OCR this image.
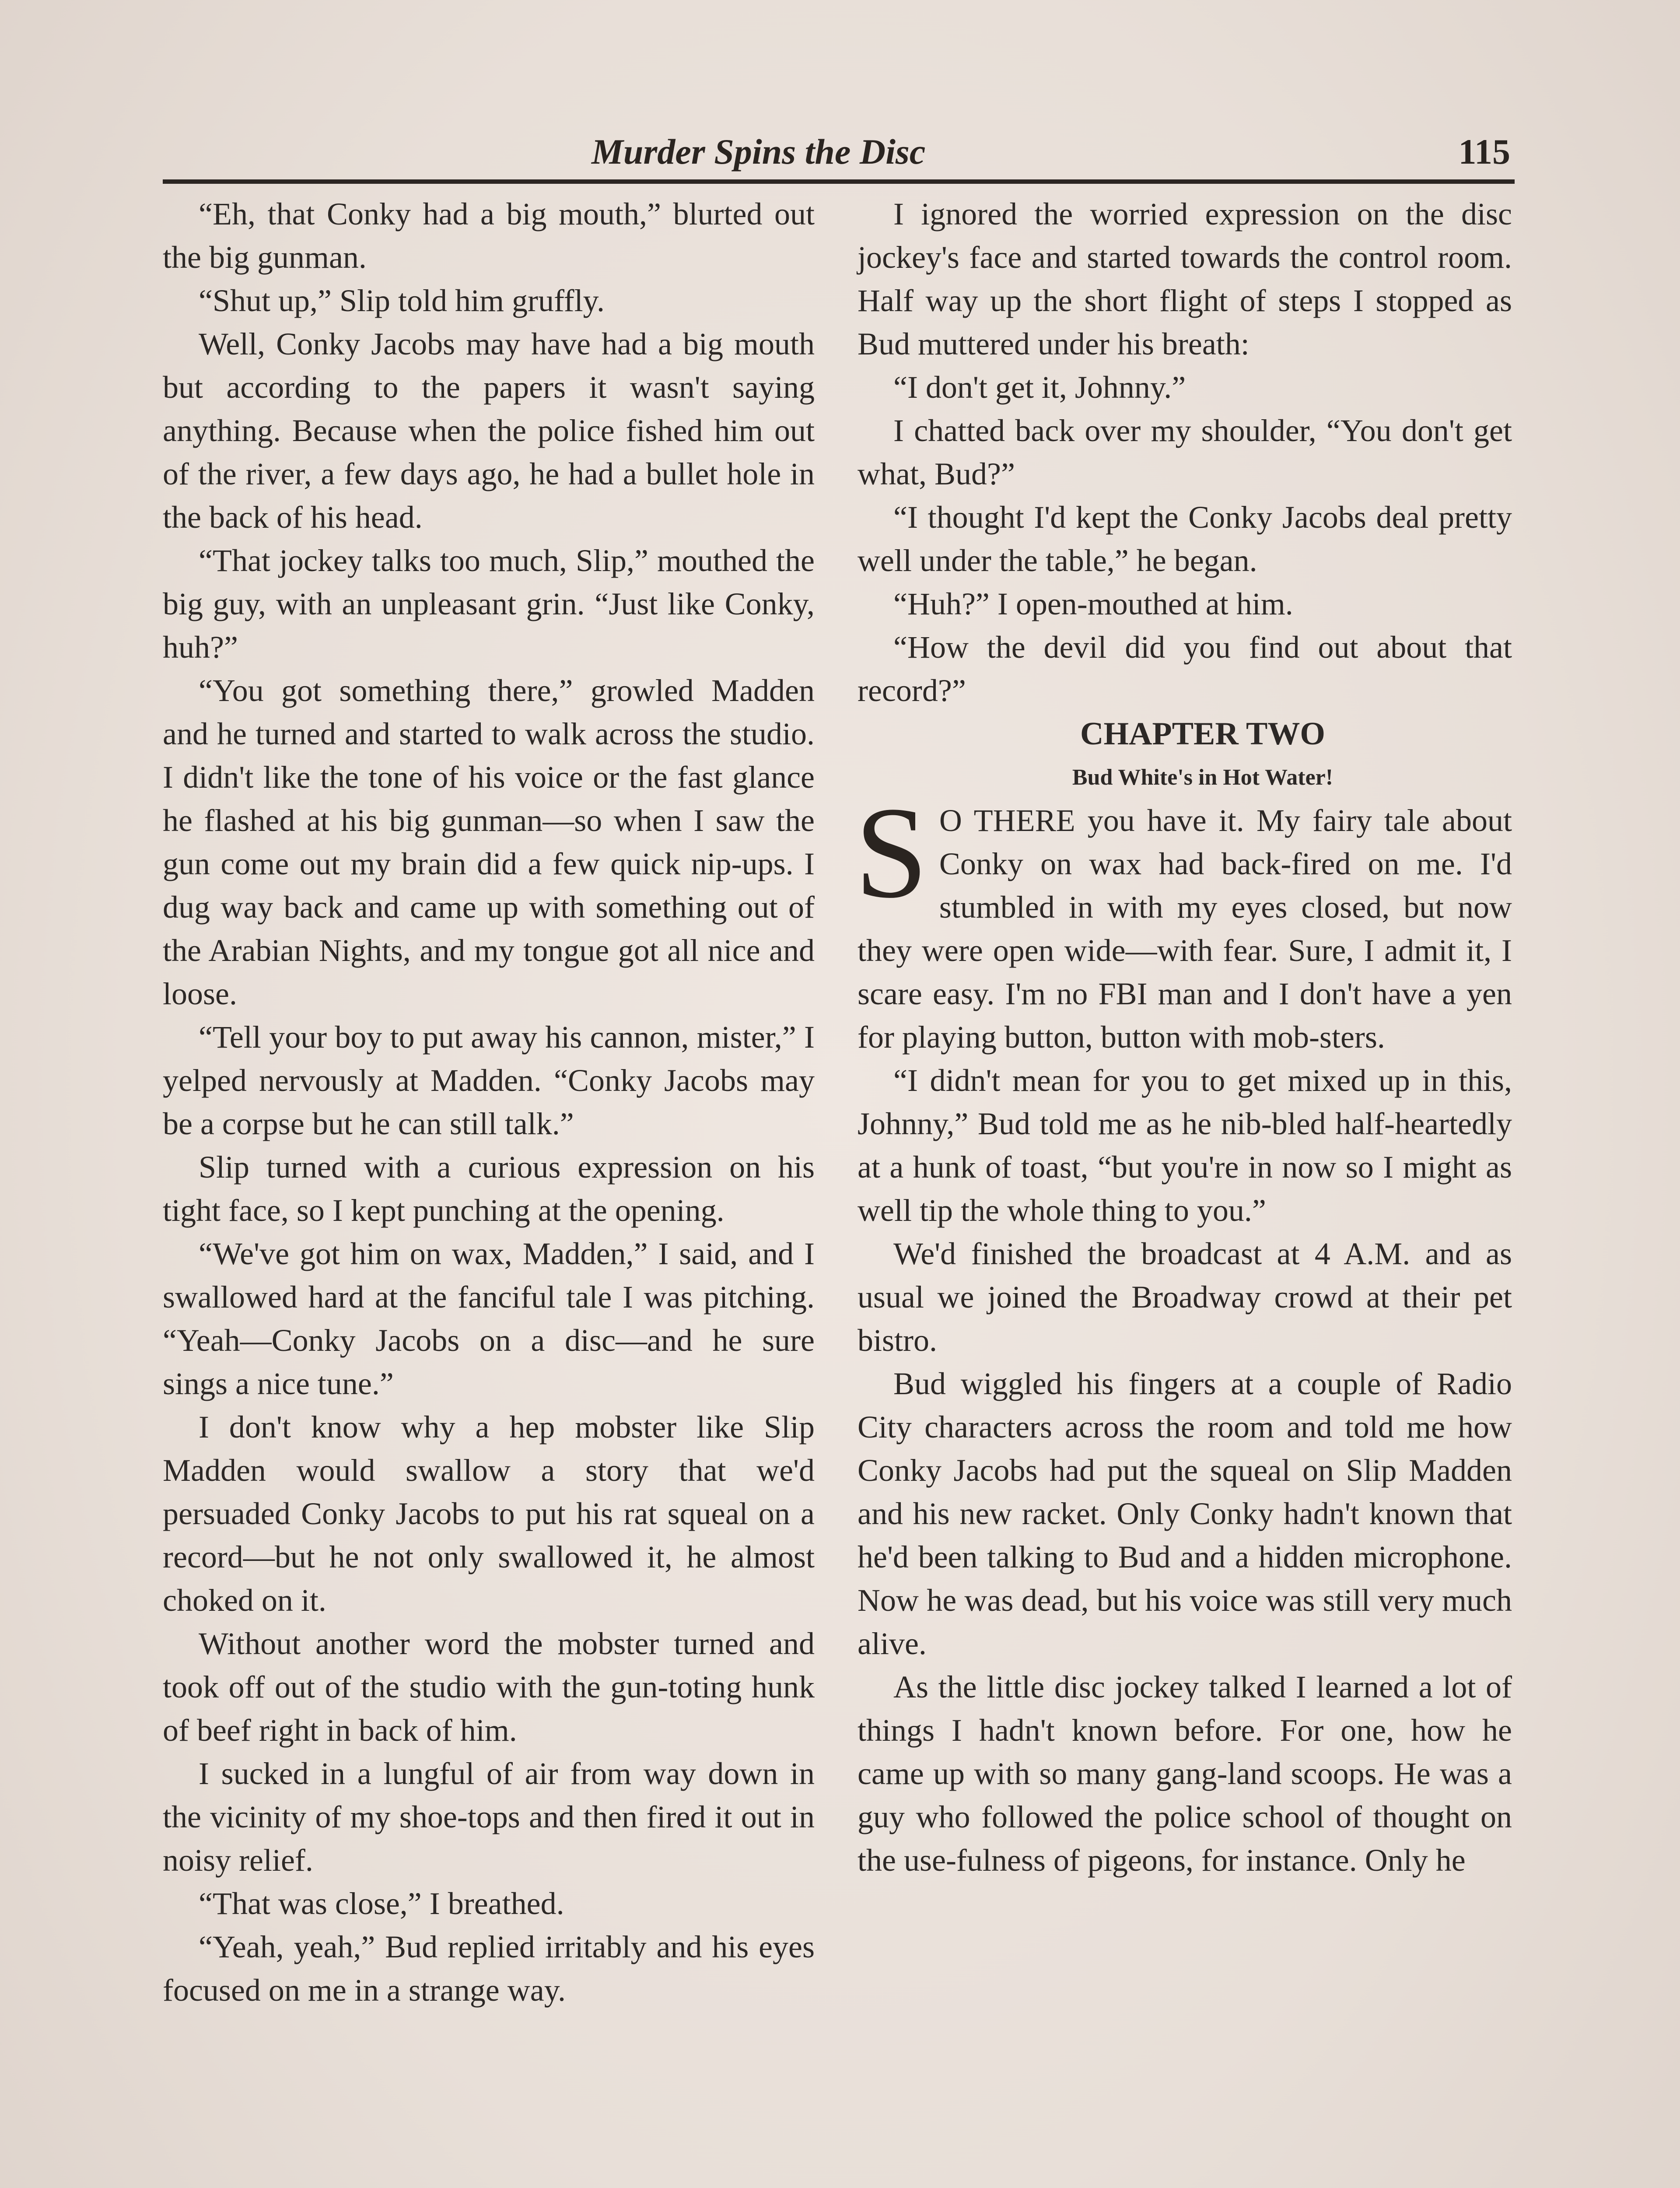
Murder Spins the Disc	115

“Eh, that Conky had a big mouth,” blurted out the big gunman.

“Shut up,” Slip told him gruffly.

Well, Conky Jacobs may have had a big mouth but according to the papers it wasn't saying anything. Because when the police fished him out of the river, a few days ago, he had a bullet hole in the back of his head.

“That jockey talks too much, Slip,” mouthed the big guy, with an unpleasant grin. “Just like Conky, huh?”

“You got something there,” growled Madden and he turned and started to walk across the studio. I didn't like the tone of his voice or the fast glance he flashed at his big gunman—so when I saw the gun come out my brain did a few quick nip-ups. I dug way back and came up with something out of the Arabian Nights, and my tongue got all nice and loose.

“Tell your boy to put away his cannon, mister,” I yelped nervously at Madden. “Conky Jacobs may be a corpse but he can still talk.”

Slip turned with a curious expression on his tight face, so I kept punching at the opening.

“We've got him on wax, Madden,” I said, and I swallowed hard at the fanciful tale I was pitching. “Yeah—Conky Jacobs on a disc—and he sure sings a nice tune.”

I don't know why a hep mobster like Slip Madden would swallow a story that we'd persuaded Conky Jacobs to put his rat squeal on a record—but he not only swallowed it, he almost choked on it.

Without another word the mobster turned and took off out of the studio with the gun-toting hunk of beef right in back of him.

I sucked in a lungful of air from way down in the vicinity of my shoe-tops and then fired it out in noisy relief.

“That was close,” I breathed.

“Yeah, yeah,” Bud replied irritably and his eyes focused on me in a strange way.

I ignored the worried expression on the disc jockey's face and started towards the control room. Half way up the short flight of steps I stopped as Bud muttered under his breath:

“I don't get it, Johnny.”

I chatted back over my shoulder, “You don't get what, Bud?”

“I thought I'd kept the Conky Jacobs deal pretty well under the table,” he began.

“Huh?” I open-mouthed at him.

“How the devil did you find out about that record?”

CHAPTER TWO

Bud White's in Hot Water!

S O THERE you have it. My fairy tale about Conky on wax had back-fired on me. I'd stumbled in with my eyes closed, but now they were open wide—with fear. Sure, I admit it, I scare easy. I'm no FBI man and I don't have a yen for playing button, button with mob-sters.

“I didn't mean for you to get mixed up in this, Johnny,” Bud told me as he nib-bled half-heartedly at a hunk of toast, “but you're in now so I might as well tip the whole thing to you.”

We'd finished the broadcast at 4 A.M. and as usual we joined the Broadway crowd at their pet bistro.

Bud wiggled his fingers at a couple of Radio City characters across the room and told me how Conky Jacobs had put the squeal on Slip Madden and his new racket. Only Conky hadn't known that he'd been talking to Bud and a hidden microphone. Now he was dead, but his voice was still very much alive.

As the little disc jockey talked I learned a lot of things I hadn't known before. For one, how he came up with so many gang-land scoops. He was a guy who followed the police school of thought on the use-fulness of pigeons, for instance. Only he
